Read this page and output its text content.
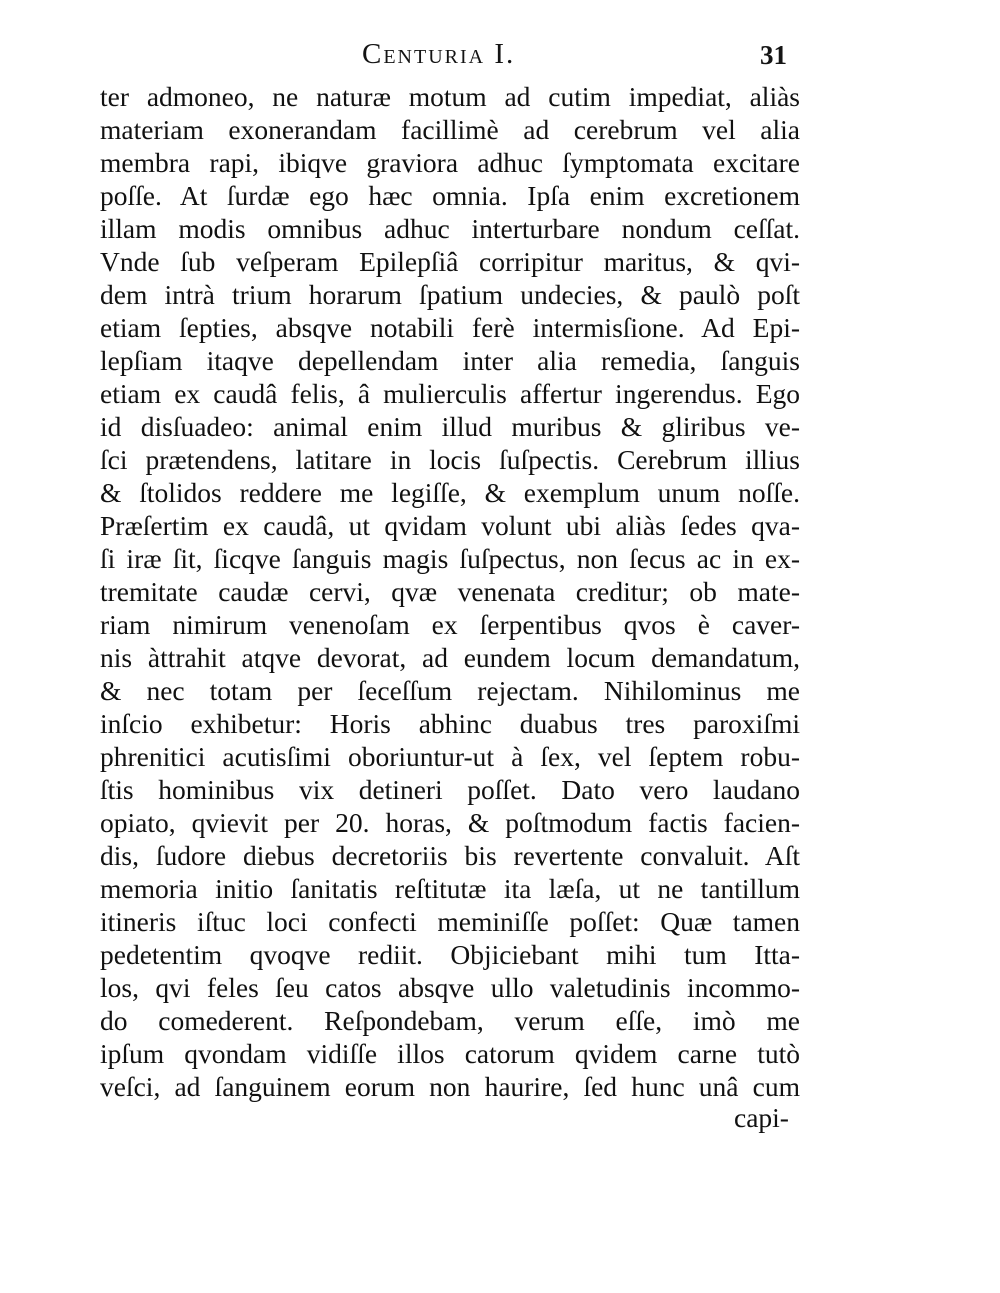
Centuria I.	31
ter admoneo, ne naturæ motum ad cutim impediat, aliàs
materiam exonerandam facillimè ad cerebrum vel alia
membra rapi, ibiqve graviora adhuc ſymptomata excitare
poſſe. At ſurdæ ego hæc omnia. Ipſa enim excretionem
illam modis omnibus adhuc interturbare nondum ceſſat.
Vnde ſub veſperam Epilepſiâ corripitur maritus, & qvi-
dem intrà trium horarum ſpatium undecies, & paulò poſt
etiam ſepties, absqve notabili ferè intermisſione. Ad Epi-
lepſiam itaqve depellendam inter alia remedia, ſanguis
etiam ex caudâ felis, â mulierculis affertur ingerendus. Ego
id disſuadeo: animal enim illud muribus & gliribus ve-
ſci prætendens, latitare in locis ſuſpectis. Cerebrum illius
& ſtolidos reddere me legiſſe, & exemplum unum noſſe.
Præſertim ex caudâ, ut qvidam volunt ubi aliàs ſedes qva-
ſi iræ ſit, ſicqve ſanguis magis ſuſpectus, non ſecus ac in ex-
tremitate caudæ cervi, qvæ venenata creditur; ob mate-
riam nimirum venenoſam ex ſerpentibus qvos è caver-
nis àttrahit atqve devorat, ad eundem locum demandatum,
& nec totam per ſeceſſum rejectam. Nihilominus me
inſcio exhibetur: Horis abhinc duabus tres paroxiſmi
phrenitici acutisſimi oboriuntur-ut à ſex, vel ſeptem robu-
ſtis hominibus vix detineri poſſet. Dato vero laudano
opiato, qvievit per 20. horas, & poſtmodum factis facien-
dis, ſudore diebus decretoriis bis revertente convaluit. Aſt
memoria initio ſanitatis reſtitutæ ita læſa, ut ne tantillum
itineris iſtuc loci confecti meminiſſe poſſet: Quæ tamen
pedetentim qvoqve rediit. Objiciebant mihi tum Itta-
los, qvi feles ſeu catos absqve ullo valetudinis incommo-
do comederent. Reſpondebam, verum eſſe, imò me
ipſum qvondam vidiſſe illos catorum qvidem carne tutò
veſci, ad ſanguinem eorum non haurire, ſed hunc unâ cum
capi-
